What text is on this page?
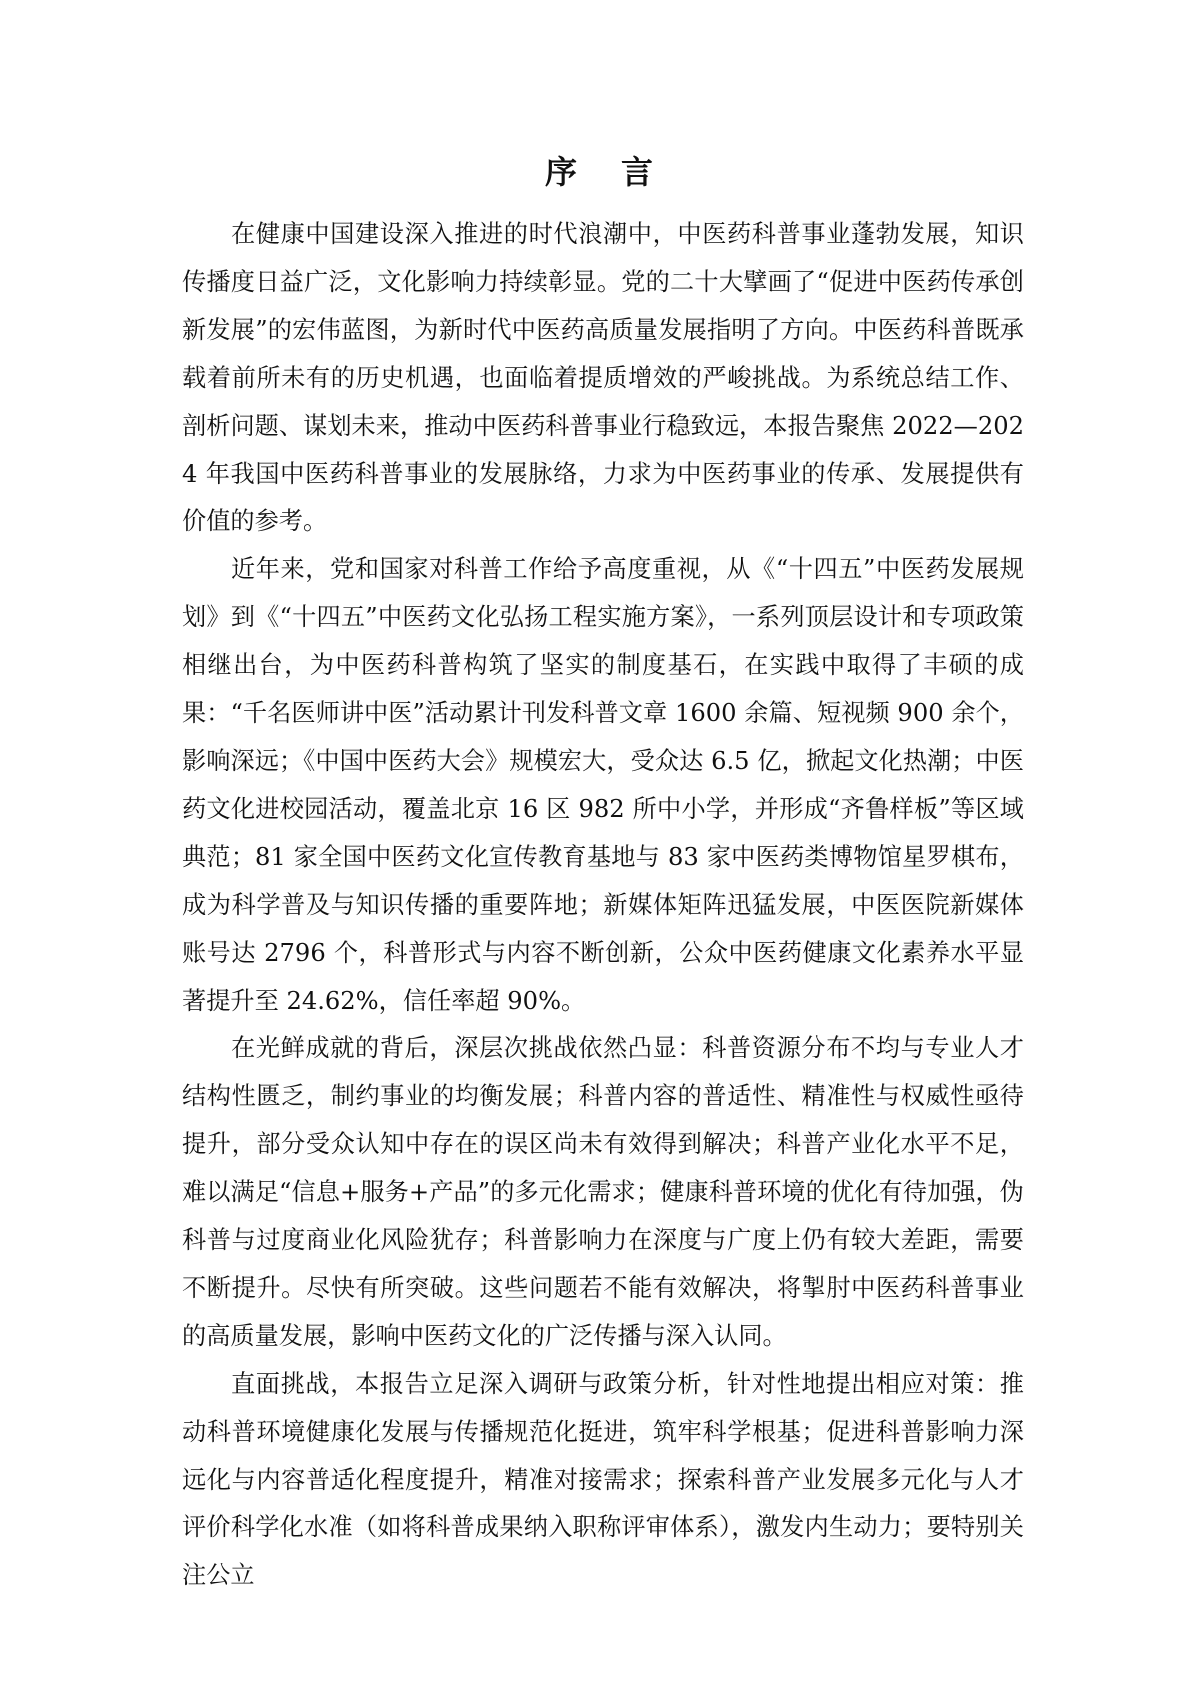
序 言

在健康中国建设深入推进的时代浪潮中，中医药科普事业蓬勃发展，知识传播度日益广泛，文化影响力持续彰显。党的二十大擘画了“促进中医药传承创新发展”的宏伟蓝图，为新时代中医药高质量发展指明了方向。中医药科普既承载着前所未有的历史机遇，也面临着提质增效的严峻挑战。为系统总结工作、剖析问题、谋划未来，推动中医药科普事业行稳致远，本报告聚焦 2022—2024 年我国中医药科普事业的发展脉络，力求为中医药事业的传承、发展提供有价值的参考。

近年来，党和国家对科普工作给予高度重视，从《“十四五”中医药发展规划》到《“十四五”中医药文化弘扬工程实施方案》，一系列顶层设计和专项政策相继出台，为中医药科普构筑了坚实的制度基石，在实践中取得了丰硕的成果：“千名医师讲中医”活动累计刊发科普文章 1600 余篇、短视频 900 余个，影响深远；《中国中医药大会》规模宏大，受众达 6.5 亿，掀起文化热潮；中医药文化进校园活动，覆盖北京 16 区 982 所中小学，并形成“齐鲁样板”等区域典范；81 家全国中医药文化宣传教育基地与 83 家中医药类博物馆星罗棋布，成为科学普及与知识传播的重要阵地；新媒体矩阵迅猛发展，中医医院新媒体账号达 2796 个，科普形式与内容不断创新，公众中医药健康文化素养水平显著提升至 24.62%，信任率超 90%。

在光鲜成就的背后，深层次挑战依然凸显：科普资源分布不均与专业人才结构性匮乏，制约事业的均衡发展；科普内容的普适性、精准性与权威性亟待提升，部分受众认知中存在的误区尚未有效得到解决；科普产业化水平不足，难以满足“信息+服务+产品”的多元化需求；健康科普环境的优化有待加强，伪科普与过度商业化风险犹存；科普影响力在深度与广度上仍有较大差距，需要不断提升。尽快有所突破。这些问题若不能有效解决，将掣肘中医药科普事业的高质量发展，影响中医药文化的广泛传播与深入认同。

直面挑战，本报告立足深入调研与政策分析，针对性地提出相应对策：推动科普环境健康化发展与传播规范化挺进，筑牢科学根基；促进科普影响力深远化与内容普适化程度提升，精准对接需求；探索科普产业发展多元化与人才评价科学化水准（如将科普成果纳入职称评审体系），激发内生动力；要特别关注公立
